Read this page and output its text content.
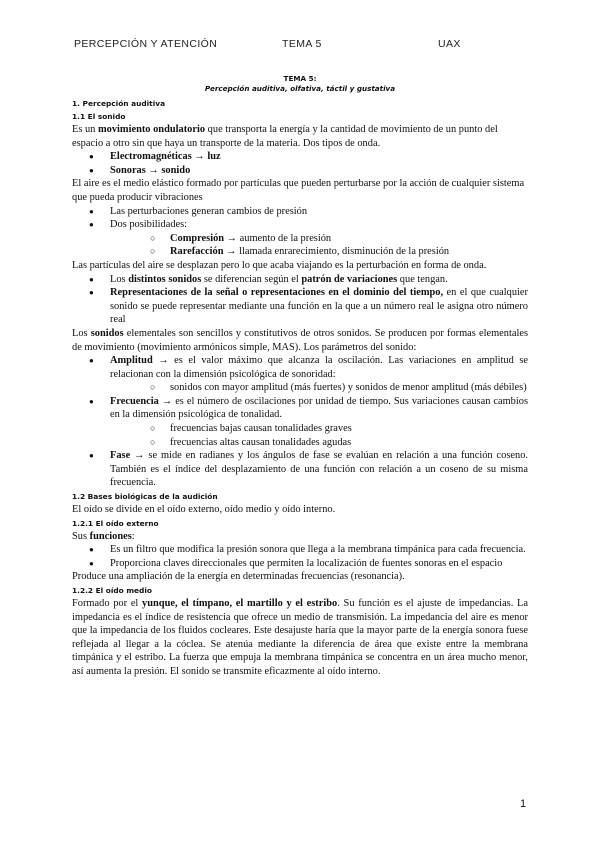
PERCEPCIÓN Y ATENCIÓN	TEMA 5	UAX
TEMA 5:
Percepción auditiva, olfativa, táctil y gustativa
1. Percepción auditiva
1.1 El sonido

Es un movimiento ondulatorio que transporta la energía y la cantidad de movimiento de un punto del espacio a otro sin que haya un transporte de la materia. Dos tipos de onda.

● Electromagnéticas → luz
● Sonoras → sonido

El aire es el medio elástico formado por partículas que pueden perturbarse por la acción de cualquier sistema que pueda producir vibraciones

● Las perturbaciones generan cambios de presión
● Dos posibilidades:
○ Compresión → aumento de la presión
○ Rarefacción → llamada enrarecimiento, disminución de la presión

Las partículas del aire se desplazan pero lo que acaba viajando es la perturbación en forma de onda.

● Los distintos sonidos se diferencian según el patrón de variaciones que tengan.
● Representaciones de la señal o representaciones en el dominio del tiempo, en el que cualquier sonido se puede representar mediante una función en la que a un número real le asigna otro número real

Los sonidos elementales son sencillos y constitutivos de otros sonidos. Se producen por formas elementales de movimiento (movimiento armónicos simple, MAS). Los parámetros del sonido:

● Amplitud → es el valor máximo que alcanza la oscilación. Las variaciones en amplitud se relacionan con la dimensión psicológica de sonoridad:
○ sonidos con mayor amplitud (más fuertes) y sonidos de menor amplitud (más débiles)
● Frecuencia → es el número de oscilaciones por unidad de tiempo. Sus variaciones causan cambios en la dimensión psicológica de tonalidad.
○ frecuencias bajas causan tonalidades graves
○ frecuencias altas causan tonalidades agudas
● Fase → se mide en radianes y los ángulos de fase se evalúan en relación a una función coseno. También es el índice del desplazamiento de una función con relación a un coseno de su misma frecuencia.
1.2 Bases biológicas de la audición

El oído se divide en el oído externo, oído medio y oído interno.

1.2.1 El oído externo

Sus funciones:

● Es un filtro que modifica la presión sonora que llega a la membrana timpánica para cada frecuencia.
● Proporciona claves direccionales que permiten la localización de fuentes sonoras en el espacio

Produce una ampliación de la energía en determinadas frecuencias (resonancia).

1.2.2 El oído medio

Formado por el yunque, el tímpano, el martillo y el estribo. Su función es el ajuste de impedancias. La impedancia es el índice de resistencia que ofrece un medio de transmisión. La impedancia del aire es menor que la impedancia de los fluidos cocleares. Este desajuste haría que la mayor parte de la energía sonora fuese reflejada al llegar a la cóclea. Se atenúa mediante la diferencia de área que existe entre la membrana timpánica y el estribo. La fuerza que empuja la membrana timpánica se concentra en un área mucho menor, así aumenta la presión. El sonido se transmite eficazmente al oído interno.

1
